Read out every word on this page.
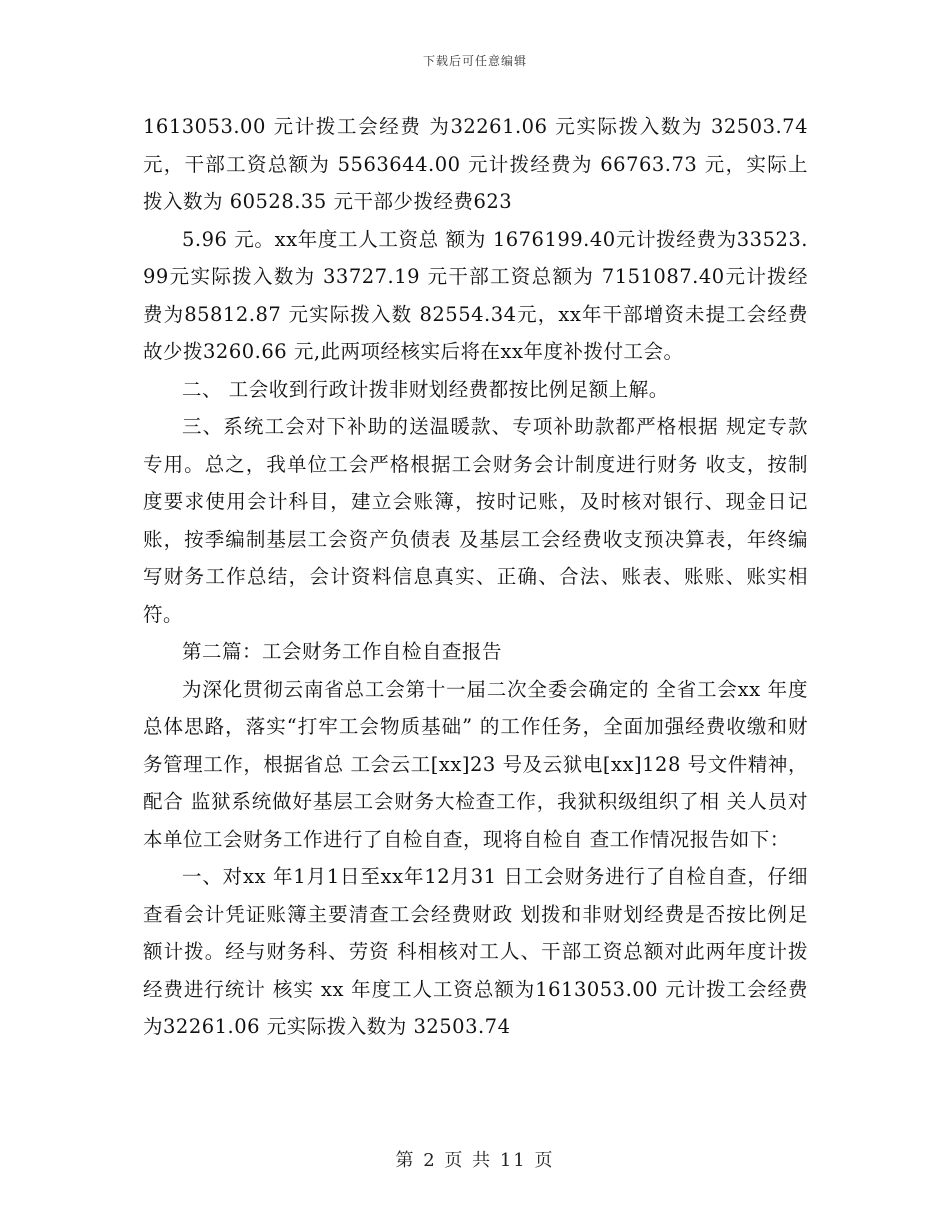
下载后可任意编辑

1613053.00 元计拨工会经费 为32261.06 元实际拨入数为 32503.74 元，干部工资总额为 5563644.00 元计拨经费为 66763.73 元，实际上拨入数为 60528.35 元干部少拨经费623

5.96 元。xx年度工人工资总 额为 1676199.40元计拨经费为33523.99元实际拨入数为 33727.19 元干部工资总额为 7151087.40元计拨经费为85812.87 元实际拨入数 82554.34元，xx年干部增资未提工会经费故少拨3260.66 元,此两项经核实后将在xx年度补拨付工会。

二、 工会收到行政计拨非财划经费都按比例足额上解。

三、系统工会对下补助的送温暖款、专项补助款都严格根据 规定专款专用。总之，我单位工会严格根据工会财务会计制度进行财务 收支，按制度要求使用会计科目，建立会账簿，按时记账，及时核对银行、现金日记账，按季编制基层工会资产负债表 及基层工会经费收支预决算表，年终编写财务工作总结，会计资料信息真实、正确、合法、账表、账账、账实相符。

第二篇：工会财务工作自检自查报告

为深化贯彻云南省总工会第十一届二次全委会确定的 全省工会xx 年度总体思路，落实“打牢工会物质基础” 的工作任务，全面加强经费收缴和财务管理工作，根据省总 工会云工[xx]23 号及云狱电[xx]128 号文件精神，配合 监狱系统做好基层工会财务大检查工作，我狱积级组织了相 关人员对本单位工会财务工作进行了自检自查，现将自检自 查工作情况报告如下：

一、对xx 年1月1日至xx年12月31 日工会财务进行了自检自查，仔细查看会计凭证账簿主要清查工会经费财政 划拨和非财划经费是否按比例足额计拨。经与财务科、劳资 科相核对工人、干部工资总额对此两年度计拨经费进行统计 核实 xx 年度工人工资总额为1613053.00 元计拨工会经费 为32261.06 元实际拨入数为 32503.74

第 2 页 共 11 页
